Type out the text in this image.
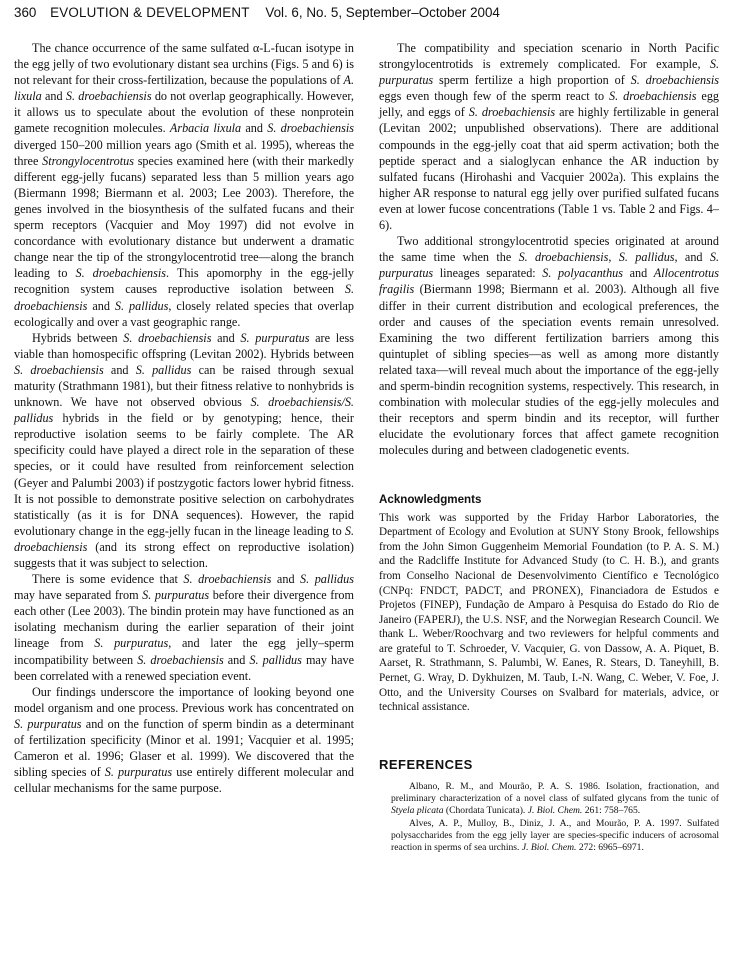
360 EVOLUTION & DEVELOPMENT Vol. 6, No. 5, September–October 2004

The chance occurrence of the same sulfated α-L-fucan isotype in the egg jelly of two evolutionary distant sea urchins (Figs. 5 and 6) is not relevant for their cross-fertilization, because the populations of A. lixula and S. droebachiensis do not overlap geographically. However, it allows us to speculate about the evolution of these nonprotein gamete recognition molecules. Arbacia lixula and S. droebachiensis diverged 150–200 million years ago (Smith et al. 1995), whereas the three Strongylocentrotus species examined here (with their markedly different egg-jelly fucans) separated less than 5 million years ago (Biermann 1998; Biermann et al. 2003; Lee 2003). Therefore, the genes involved in the biosynthesis of the sulfated fucans and their sperm receptors (Vacquier and Moy 1997) did not evolve in concordance with evolutionary distance but underwent a dramatic change near the tip of the strongylocentrotid tree—along the branch leading to S. droebachiensis. This apomorphy in the egg-jelly recognition system causes reproductive isolation between S. droebachiensis and S. pallidus, closely related species that overlap ecologically and over a vast geographic range.

Hybrids between S. droebachiensis and S. purpuratus are less viable than homospecific offspring (Levitan 2002). Hybrids between S. droebachiensis and S. pallidus can be raised through sexual maturity (Strathmann 1981), but their fitness relative to nonhybrids is unknown. We have not observed obvious S. droebachiensis/S. pallidus hybrids in the field or by genotyping; hence, their reproductive isolation seems to be fairly complete. The AR specificity could have played a direct role in the separation of these species, or it could have resulted from reinforcement selection (Geyer and Palumbi 2003) if postzygotic factors lower hybrid fitness. It is not possible to demonstrate positive selection on carbohydrates statistically (as it is for DNA sequences). However, the rapid evolutionary change in the egg-jelly fucan in the lineage leading to S. droebachiensis (and its strong effect on reproductive isolation) suggests that it was subject to selection.

There is some evidence that S. droebachiensis and S. pallidus may have separated from S. purpuratus before their divergence from each other (Lee 2003). The bindin protein may have functioned as an isolating mechanism during the earlier separation of their joint lineage from S. purpuratus, and later the egg jelly–sperm incompatibility between S. droebachiensis and S. pallidus may have been correlated with a renewed speciation event.

Our findings underscore the importance of looking beyond one model organism and one process. Previous work has concentrated on S. purpuratus and on the function of sperm bindin as a determinant of fertilization specificity (Minor et al. 1991; Vacquier et al. 1995; Cameron et al. 1996; Glaser et al. 1999). We discovered that the sibling species of S. purpuratus use entirely different molecular and cellular mechanisms for the same purpose.

The compatibility and speciation scenario in North Pacific strongylocentrotids is extremely complicated. For example, S. purpuratus sperm fertilize a high proportion of S. droebachiensis eggs even though few of the sperm react to S. droebachiensis egg jelly, and eggs of S. droebachiensis are highly fertilizable in general (Levitan 2002; unpublished observations). There are additional compounds in the egg-jelly coat that aid sperm activation; both the peptide speract and a sialoglycan enhance the AR induction by sulfated fucans (Hirohashi and Vacquier 2002a). This explains the higher AR response to natural egg jelly over purified sulfated fucans even at lower fucose concentrations (Table 1 vs. Table 2 and Figs. 4–6).

Two additional strongylocentrotid species originated at around the same time when the S. droebachiensis, S. pallidus, and S. purpuratus lineages separated: S. polyacanthus and Allocentrotus fragilis (Biermann 1998; Biermann et al. 2003). Although all five differ in their current distribution and ecological preferences, the order and causes of the speciation events remain unresolved. Examining the two different fertilization barriers among this quintuplet of sibling species—as well as among more distantly related taxa—will reveal much about the importance of the egg-jelly and sperm-bindin recognition systems, respectively. This research, in combination with molecular studies of the egg-jelly molecules and their receptors and sperm bindin and its receptor, will further elucidate the evolutionary forces that affect gamete recognition molecules during and between cladogenetic events.

Acknowledgments

This work was supported by the Friday Harbor Laboratories, the Department of Ecology and Evolution at SUNY Stony Brook, fellowships from the John Simon Guggenheim Memorial Foundation (to P. A. S. M.) and the Radcliffe Institute for Advanced Study (to C. H. B.), and grants from Conselho Nacional de Desenvolvimento Científico e Tecnológico (CNPq: FNDCT, PADCT, and PRONEX), Financiadora de Estudos e Projetos (FINEP), Fundação de Amparo à Pesquisa do Estado do Rio de Janeiro (FAPERJ), the U.S. NSF, and the Norwegian Research Council. We thank L. Weber/Roochvarg and two reviewers for helpful comments and are grateful to T. Schroeder, V. Vacquier, G. von Dassow, A. A. Piquet, B. Aarset, R. Strathmann, S. Palumbi, W. Eanes, R. Stears, D. Taneyhill, B. Pernet, G. Wray, D. Dykhuizen, M. Taub, I.-N. Wang, C. Weber, V. Foe, J. Otto, and the University Courses on Svalbard for materials, advice, or technical assistance.

REFERENCES

Albano, R. M., and Mourão, P. A. S. 1986. Isolation, fractionation, and preliminary characterization of a novel class of sulfated glycans from the tunic of Styela plicata (Chordata Tunicata). J. Biol. Chem. 261: 758–765.

Alves, A. P., Mulloy, B., Diniz, J. A., and Mourão, P. A. 1997. Sulfated polysaccharides from the egg jelly layer are species-specific inducers of acrosomal reaction in sperms of sea urchins. J. Biol. Chem. 272: 6965–6971.
